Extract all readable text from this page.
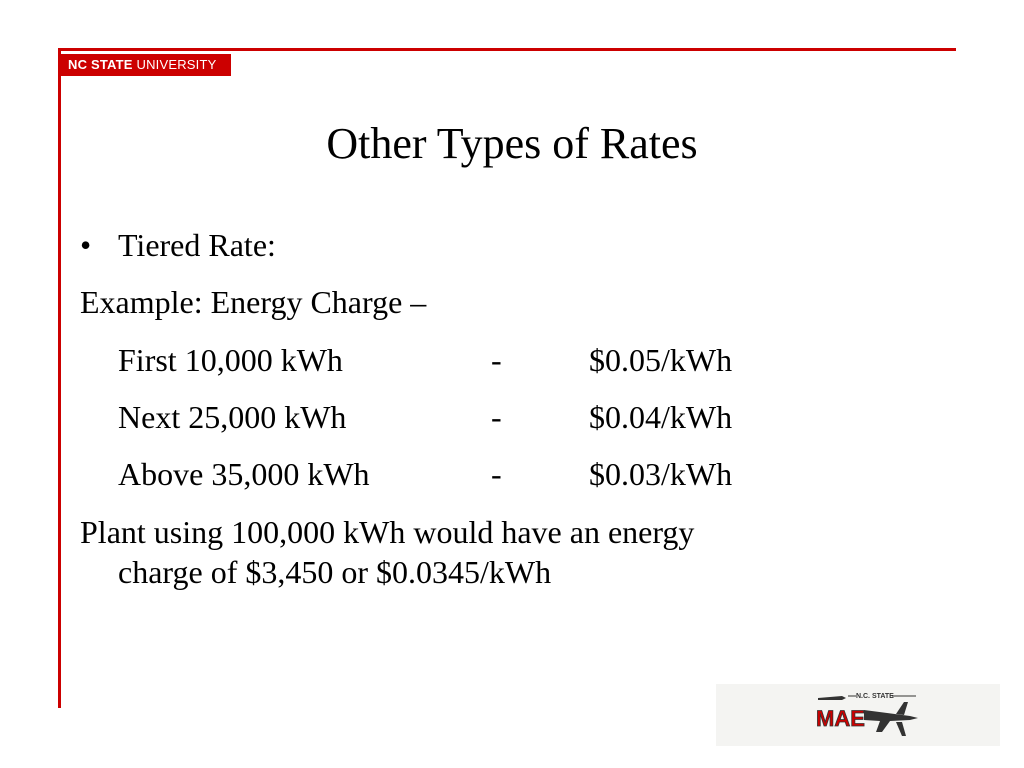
NC STATE UNIVERSITY
Other Types of Rates
• Tiered Rate:
Example: Energy Charge –
First 10,000 kWh	-	$0.05/kWh
Next 25,000 kWh	-	$0.04/kWh
Above 35,000 kWh	-	$0.03/kWh
Plant using 100,000 kWh would have an energy
charge of $3,450 or $0.0345/kWh
N.C. STATE
MAE
